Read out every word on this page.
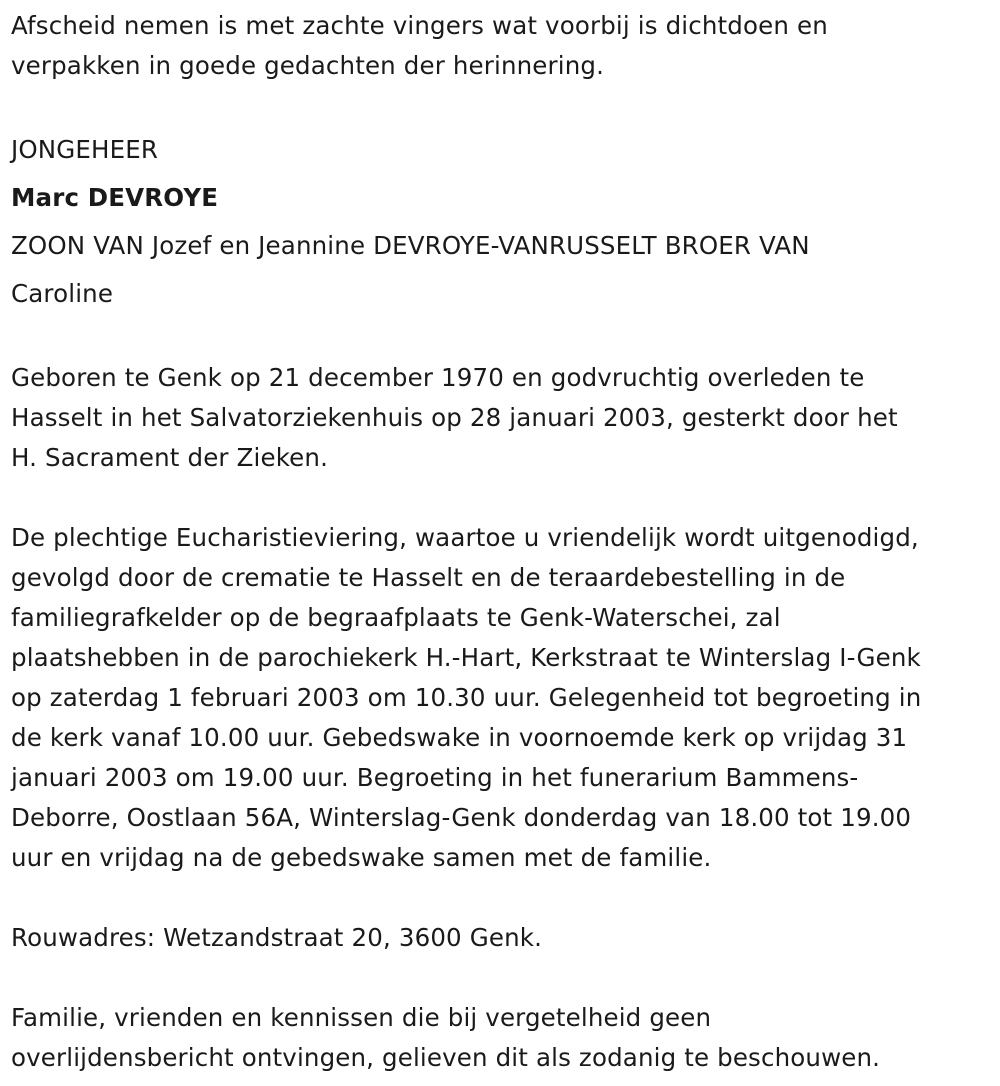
Afscheid nemen is met zachte vingers wat voorbij is dichtdoen en
verpakken in goede gedachten der herinnering.

JONGEHEER
Marc DEVROYE
ZOON VAN Jozef en Jeannine DEVROYE-VANRUSSELT BROER VAN
Caroline

Geboren te Genk op 21 december 1970 en godvruchtig overleden te
Hasselt in het Salvatorziekenhuis op 28 januari 2003, gesterkt door het
H. Sacrament der Zieken.

De plechtige Eucharistieviering, waartoe u vriendelijk wordt uitgenodigd,
gevolgd door de crematie te Hasselt en de teraardebestelling in de
familiegrafkelder op de begraafplaats te Genk-Waterschei, zal
plaatshebben in de parochiekerk H.-Hart, Kerkstraat te Winterslag I-Genk
op zaterdag 1 februari 2003 om 10.30 uur. Gelegenheid tot begroeting in
de kerk vanaf 10.00 uur. Gebedswake in voornoemde kerk op vrijdag 31
januari 2003 om 19.00 uur. Begroeting in het funerarium Bammens-
Deborre, Oostlaan 56A, Winterslag-Genk donderdag van 18.00 tot 19.00
uur en vrijdag na de gebedswake samen met de familie.

Rouwadres: Wetzandstraat 20, 3600 Genk.

Familie, vrienden en kennissen die bij vergetelheid geen
overlijdensbericht ontvingen, gelieven dit als zodanig te beschouwen.
